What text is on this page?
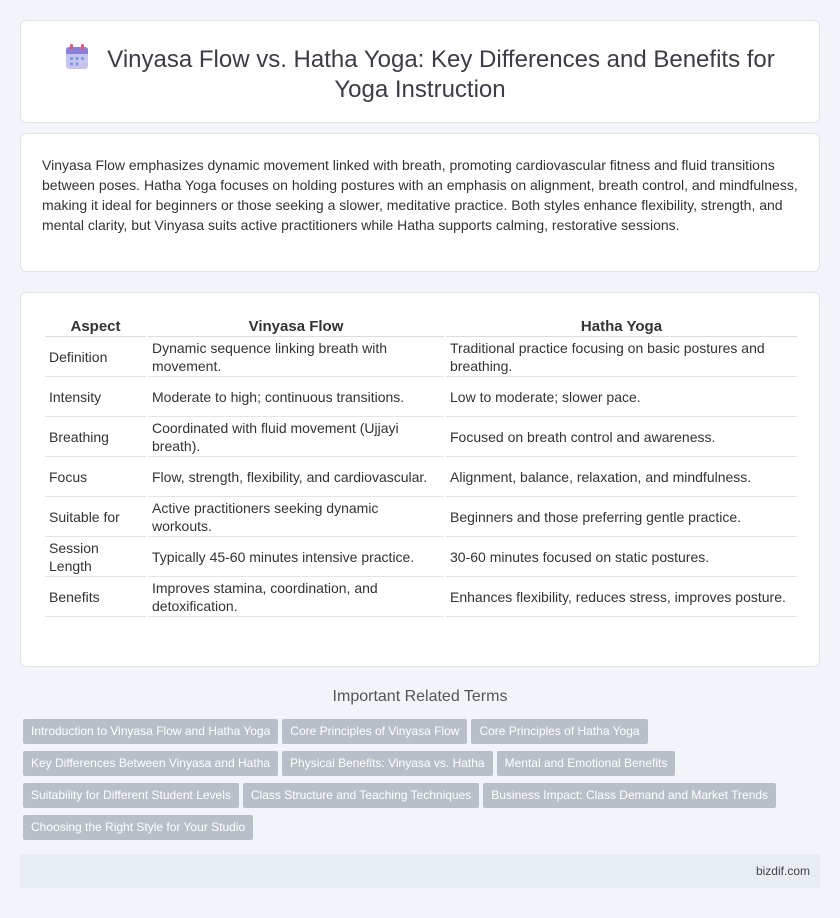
Vinyasa Flow vs. Hatha Yoga: Key Differences and Benefits for Yoga Instruction

Vinyasa Flow emphasizes dynamic movement linked with breath, promoting cardiovascular fitness and fluid transitions between poses. Hatha Yoga focuses on holding postures with an emphasis on alignment, breath control, and mindfulness, making it ideal for beginners or those seeking a slower, meditative practice. Both styles enhance flexibility, strength, and mental clarity, but Vinyasa suits active practitioners while Hatha supports calming, restorative sessions.

Aspect	Vinyasa Flow	Hatha Yoga
Definition	Dynamic sequence linking breath with movement.	Traditional practice focusing on basic postures and breathing.
Intensity	Moderate to high; continuous transitions.	Low to moderate; slower pace.
Breathing	Coordinated with fluid movement (Ujjayi breath).	Focused on breath control and awareness.
Focus	Flow, strength, flexibility, and cardiovascular.	Alignment, balance, relaxation, and mindfulness.
Suitable for	Active practitioners seeking dynamic workouts.	Beginners and those preferring gentle practice.
Session Length	Typically 45-60 minutes intensive practice.	30-60 minutes focused on static postures.
Benefits	Improves stamina, coordination, and detoxification.	Enhances flexibility, reduces stress, improves posture.
Important Related Terms
Introduction to Vinyasa Flow and Hatha Yoga Core Principles of Vinyasa Flow Core Principles of Hatha Yoga
Key Differences Between Vinyasa and Hatha Physical Benefits: Vinyasa vs. Hatha Mental and Emotional Benefits
Suitability for Different Student Levels Class Structure and Teaching Techniques Business Impact: Class Demand and Market Trends
Choosing the Right Style for Your Studio
bizdif.com
